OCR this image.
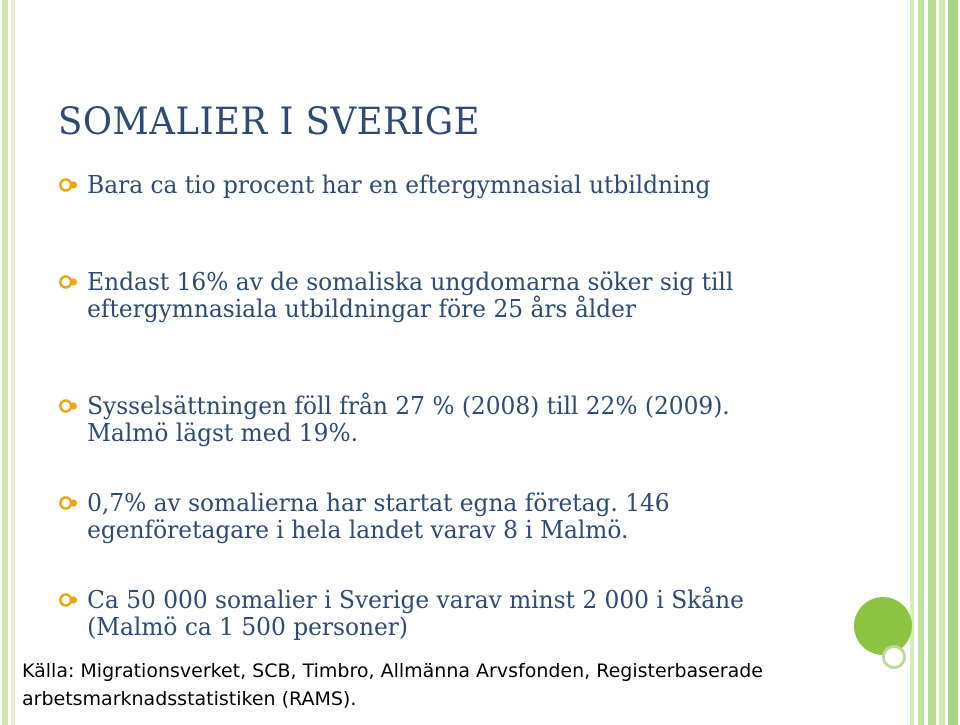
SOMALIER I SVERIGE
Bara ca tio procent har en eftergymnasial utbildning
Endast 16% av de somaliska ungdomarna söker sig till eftergymnasiala utbildningar före 25 års ålder
Sysselsättningen föll från 27 % (2008) till 22% (2009). Malmö lägst med 19%.
0,7% av somalierna har startat egna företag. 146 egenföretagare i hela landet varav 8 i Malmö.
Ca 50 000 somalier i Sverige varav minst 2 000 i Skåne (Malmö ca 1 500 personer)
Källa: Migrationsverket, SCB, Timbro, Allmänna Arvsfonden, Registerbaserade arbetsmarknadsstatistiken (RAMS).
